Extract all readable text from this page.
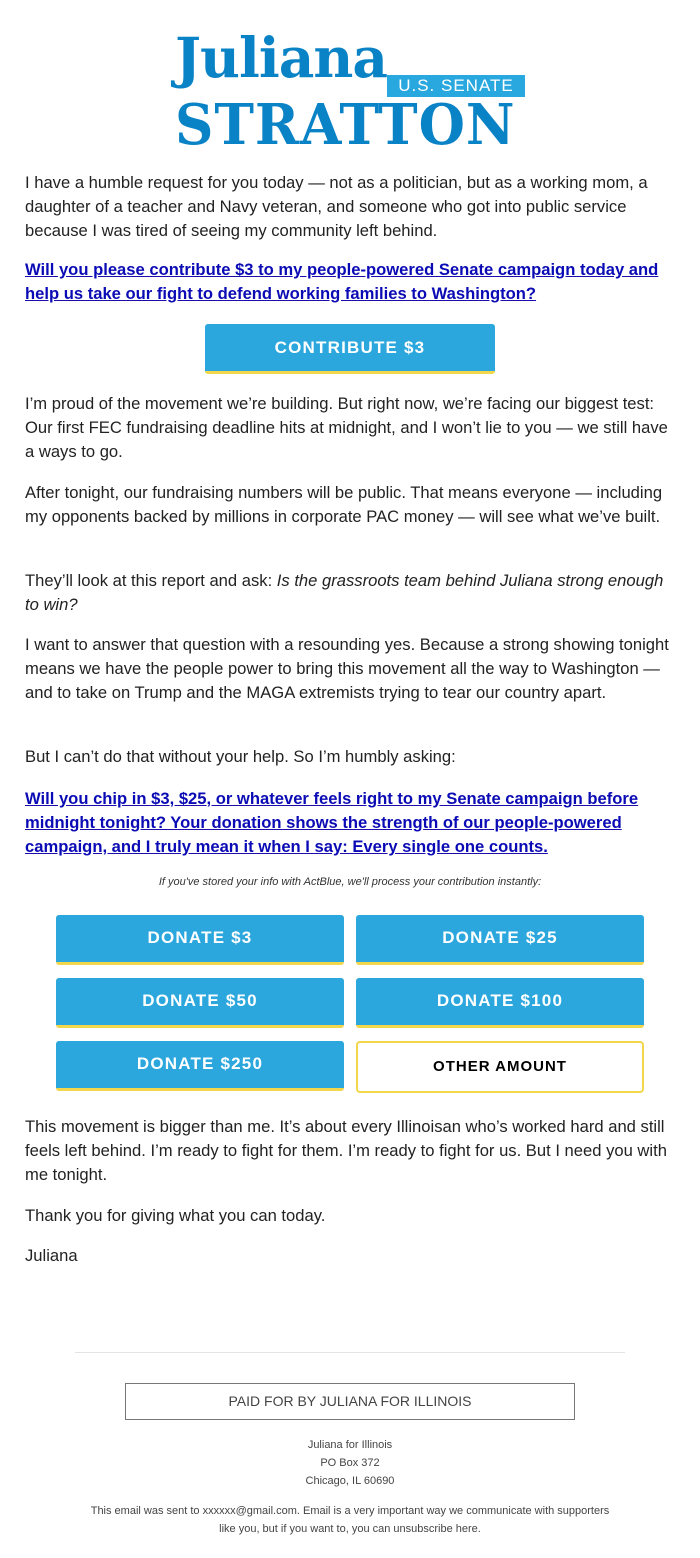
Juliana U.S. SENATE
STRATTON

I have a humble request for you today — not as a politician, but as a working mom, a daughter of a teacher and Navy veteran, and someone who got into public service because I was tired of seeing my community left behind.

Will you please contribute $3 to my people-powered Senate campaign today and help us take our fight to defend working families to Washington?
CONTRIBUTE $3

I’m proud of the movement we’re building. But right now, we’re facing our biggest test: Our first FEC fundraising deadline hits at midnight, and I won’t lie to you — we still have a ways to go.

After tonight, our fundraising numbers will be public. That means everyone — including my opponents backed by millions in corporate PAC money — will see what we’ve built.

They’ll look at this report and ask: Is the grassroots team behind Juliana strong enough to win?

I want to answer that question with a resounding yes. Because a strong showing tonight means we have the people power to bring this movement all the way to Washington — and to take on Trump and the MAGA extremists trying to tear our country apart.

But I can’t do that without your help. So I’m humbly asking:

Will you chip in $3, $25, or whatever feels right to my Senate campaign before midnight tonight? Your donation shows the strength of our people-powered campaign, and I truly mean it when I say: Every single one counts.
If you've stored your info with ActBlue, we'll process your contribution instantly:
DONATE $3	DONATE $25
DONATE $50	DONATE $100
DONATE $250	OTHER AMOUNT

This movement is bigger than me. It’s about every Illinoisan who’s worked hard and still feels left behind. I’m ready to fight for them. I’m ready to fight for us. But I need you with me tonight.

Thank you for giving what you can today.

Juliana

PAID FOR BY JULIANA FOR ILLINOIS
Juliana for Illinois
PO Box 372
Chicago, IL 60690
This email was sent to xxxxxx@gmail.com. Email is a very important way we communicate with supporters like you, but if you want to, you can unsubscribe here.
